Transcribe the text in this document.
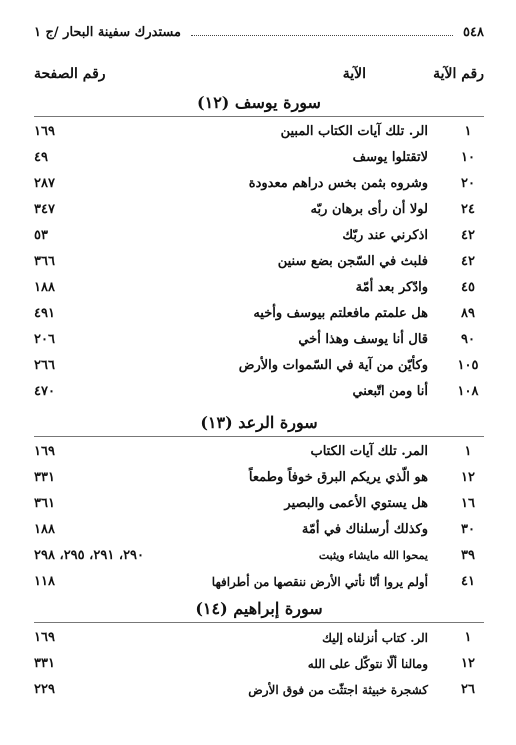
٥٤٨
مستدرك سفينة البحار /ج ١
رقم الآية
الآية
رقم الصفحة
سورة يوسف (١٢)
١
الر. تلك آيات الكتاب المبين
١٦٩
١٠
لاتقتلوا يوسف
٤٩
٢٠
وشروه بثمن بخس دراهم معدودة
٢٨٧
٢٤
لولا أن رأى برهان ربّه
٣٤٧
٤٢
اذكرني عند ربّك
٥٣
٤٢
فلبث في السّجن بضع سنين
٣٦٦
٤٥
وادّكر بعد أمّة
١٨٨
٨٩
هل علمتم مافعلتم بيوسف وأخيه
٤٩١
٩٠
قال أنا يوسف وهذا أخي
٢٠٦
١٠٥
وكأيّن من آية في السّموات والأرض
٢٦٦
١٠٨
أنا ومن اتّبعني
٤٧٠
سورة الرعد (١٣)
١
المر. تلك آيات الكتاب
١٦٩
١٢
هو الّذي يريكم البرق خوفاً وطمعاً
٣٣١
١٦
هل يستوي الأعمى والبصير
٣٦١
٣٠
وكذلك أرسلناك في أمّة
١٨٨
٣٩
يمحوا الله مايشاء ويثبت
٢٩٠، ٢٩١، ٢٩٥، ٢٩٨
٤١
أولم يروا أنّا نأتي الأرض ننقصها من أطرافها
١١٨
سورة إبراهيم (١٤)
١
الر. كتاب أنزلناه إليك
١٦٩
١٢
ومالنا ألّا نتوكّل على الله
٣٣١
٢٦
كشجرة خبيثة اجتثّت من فوق الأرض
٢٢٩
